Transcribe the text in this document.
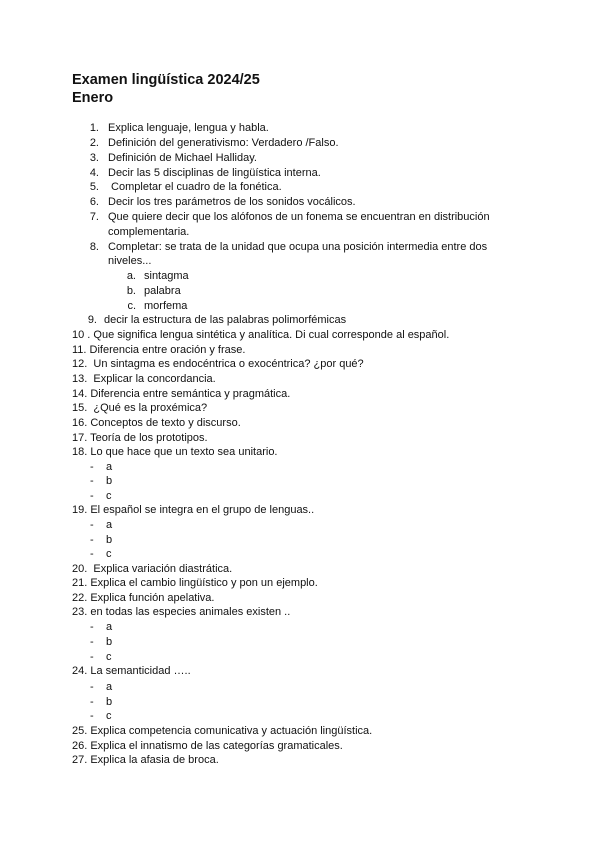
Examen lingüística 2024/25
Enero
1. Explica lenguaje, lengua y habla.
2. Definición del generativismo: Verdadero /Falso.
3. Definición de Michael Halliday.
4. Decir las 5 disciplinas de lingüística interna.
5. Completar el cuadro de la fonética.
6. Decir los tres parámetros de los sonidos vocálicos.
7. Que quiere decir que los alófonos de un fonema se encuentran en distribución
complementaria.
8. Completar: se trata de la unidad que ocupa una posición intermedia entre dos
niveles...
a. sintagma
b. palabra
c. morfema
9. decir la estructura de las palabras polimorfémicas
10 . Que significa lengua sintética y analítica. Di cual corresponde al español.
11. Diferencia entre oración y frase.
12.  Un sintagma es endocéntrica o exocéntrica? ¿por qué?
13.  Explicar la concordancia.
14. Diferencia entre semántica y pragmática.
15.  ¿Qué es la proxémica?
16. Conceptos de texto y discurso.
17. Teoría de los prototipos.
18. Lo que hace que un texto sea unitario.
- a
- b
- c
19. El español se integra en el grupo de lenguas..
- a
- b
- c
20.  Explica variación diastrática.
21. Explica el cambio lingüístico y pon un ejemplo.
22. Explica función apelativa.
23. en todas las especies animales existen ..
- a
- b
- c
24. La semanticidad …..
- a
- b
- c
25. Explica competencia comunicativa y actuación lingüística.
26. Explica el innatismo de las categorías gramaticales.
27. Explica la afasia de broca.
